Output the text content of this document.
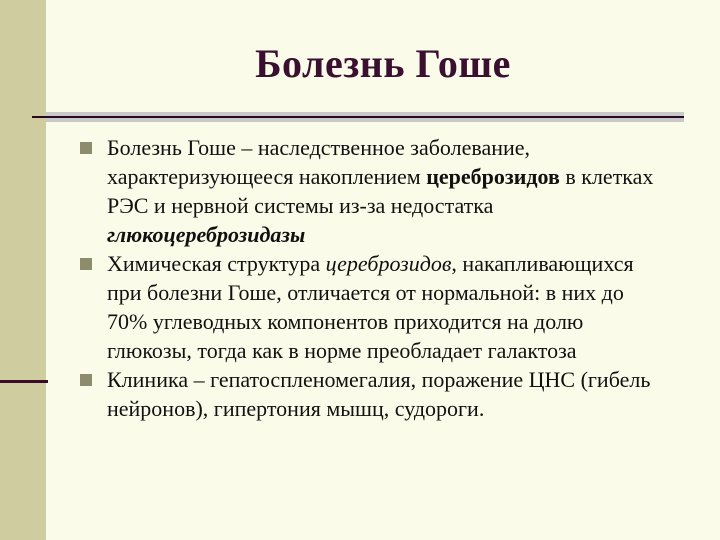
Болезнь Гоше

Болезнь Гоше – наследственное заболевание, характеризующееся накоплением цереброзидов в клетках РЭС и нервной системы из-за недостатка глюкоцереброзидазы

Химическая структура цереброзидов, накапливающихся при болезни Гоше, отличается от нормальной: в них до 70% углеводных компонентов приходится на долю глюкозы, тогда как в норме преобладает галактоза

Клиника – гепатоспленомегалия, поражение ЦНС (гибель нейронов), гипертония мышц, судороги.
